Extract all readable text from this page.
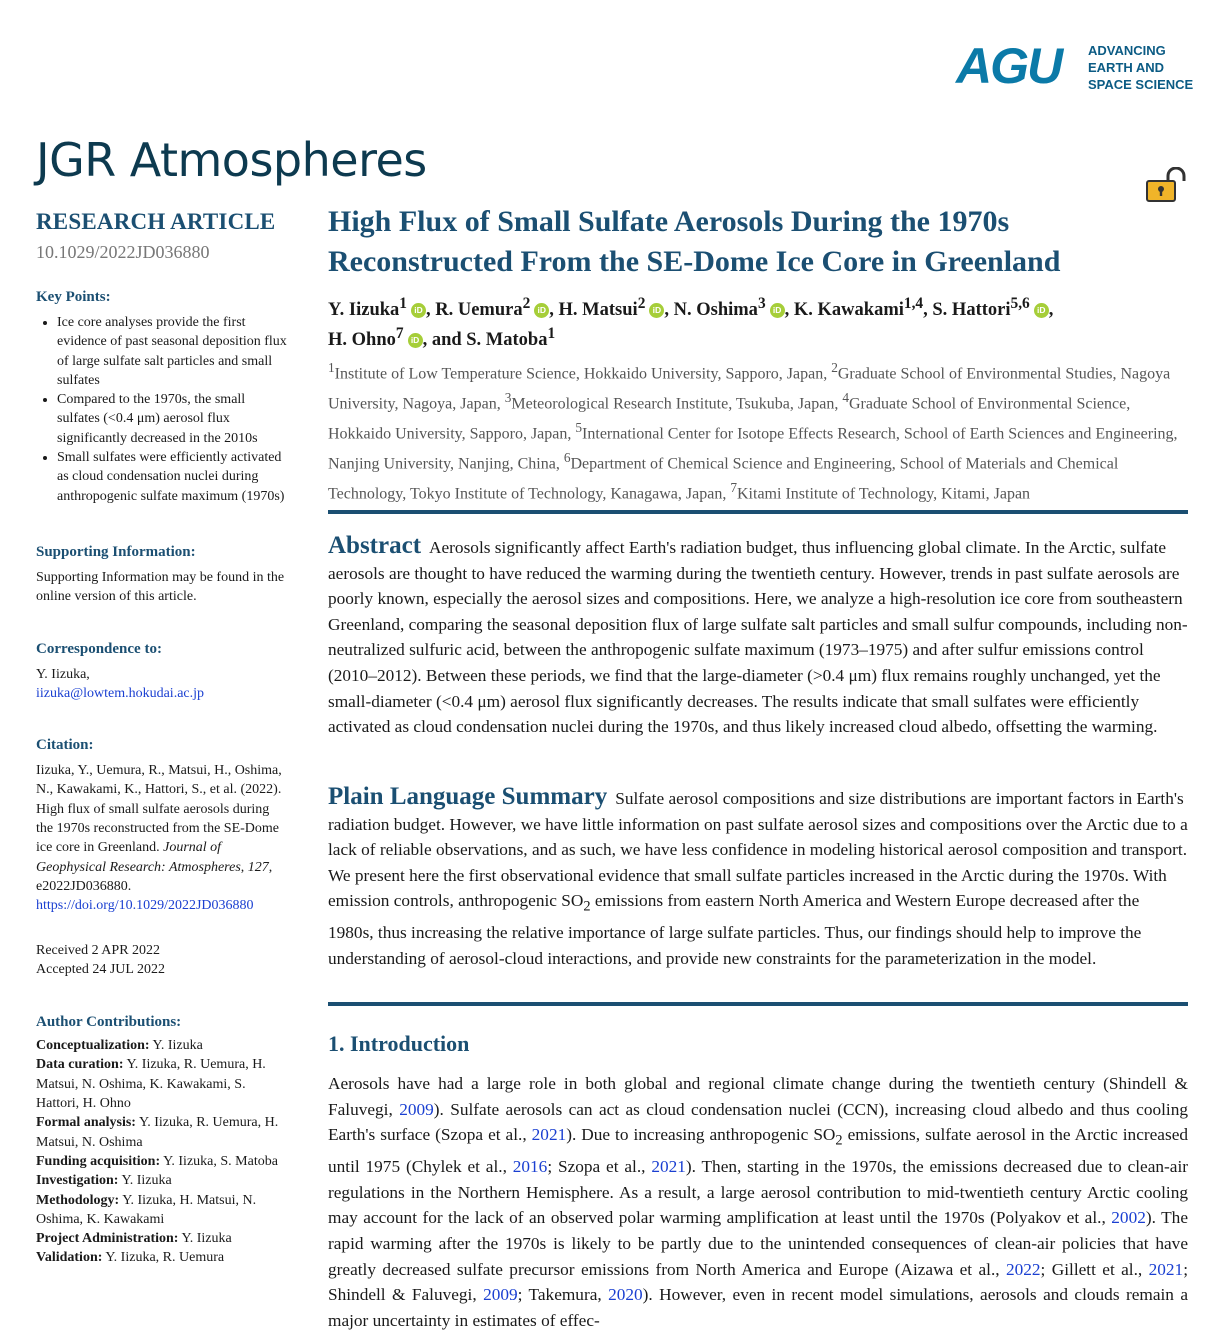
AGU ADVANCING
EARTH AND
SPACE SCIENCE
JGR Atmospheres
RESEARCH ARTICLE
10.1029/2022JD036880
Key Points:
• Ice core analyses provide the first evidence of past seasonal deposition flux of large sulfate salt particles and small sulfates
• Compared to the 1970s, the small sulfates (<0.4 μm) aerosol flux significantly decreased in the 2010s
• Small sulfates were efficiently activated as cloud condensation nuclei during anthropogenic sulfate maximum (1970s)
Supporting Information:
Supporting Information may be found in the online version of this article.
Correspondence to:
Y. Iizuka,
iizuka@lowtem.hokudai.ac.jp
Citation:
Iizuka, Y., Uemura, R., Matsui, H., Oshima, N., Kawakami, K., Hattori, S., et al. (2022). High flux of small sulfate aerosols during the 1970s reconstructed from the SE-Dome ice core in Greenland. Journal of Geophysical Research: Atmospheres, 127, e2022JD036880.
https://doi.org/10.1029/2022JD036880
Received 2 APR 2022
Accepted 24 JUL 2022
Author Contributions:
Conceptualization: Y. Iizuka
Data curation: Y. Iizuka, R. Uemura, H. Matsui, N. Oshima, K. Kawakami, S. Hattori, H. Ohno
Formal analysis: Y. Iizuka, R. Uemura, H. Matsui, N. Oshima
Funding acquisition: Y. Iizuka, S. Matoba
Investigation: Y. Iizuka
Methodology: Y. Iizuka, H. Matsui, N. Oshima, K. Kawakami
Project Administration: Y. Iizuka
Validation: Y. Iizuka, R. Uemura
High Flux of Small Sulfate Aerosols During the 1970s Reconstructed From the SE-Dome Ice Core in Greenland
Y. Iizuka$^1$ iD , R. Uemura$^2$ iD , H. Matsui$^2$ iD , N. Oshima$^3$ iD , K. Kawakami$^{1,4}$, S. Hattori$^{5,6}$ iD ,
H. Ohno$^7$ iD , and S. Matoba$^1$
$^1$Institute of Low Temperature Science, Hokkaido University, Sapporo, Japan, $^2$Graduate School of Environmental Studies, Nagoya University, Nagoya, Japan, $^3$Meteorological Research Institute, Tsukuba, Japan, $^4$Graduate School of Environmental Science, Hokkaido University, Sapporo, Japan, $^5$International Center for Isotope Effects Research, School of Earth Sciences and Engineering, Nanjing University, Nanjing, China, $^6$Department of Chemical Science and Engineering, School of Materials and Chemical Technology, Tokyo Institute of Technology, Kanagawa, Japan, $^7$Kitami Institute of Technology, Kitami, Japan
Abstract Aerosols significantly affect Earth's radiation budget, thus influencing global climate. In the Arctic, sulfate aerosols are thought to have reduced the warming during the twentieth century. However, trends in past sulfate aerosols are poorly known, especially the aerosol sizes and compositions. Here, we analyze a high-resolution ice core from southeastern Greenland, comparing the seasonal deposition flux of large sulfate salt particles and small sulfur compounds, including non-neutralized sulfuric acid, between the anthropogenic sulfate maximum (1973–1975) and after sulfur emissions control (2010–2012). Between these periods, we find that the large-diameter (>0.4 μm) flux remains roughly unchanged, yet the small-diameter (<0.4 μm) aerosol flux significantly decreases. The results indicate that small sulfates were efficiently activated as cloud condensation nuclei during the 1970s, and thus likely increased cloud albedo, offsetting the warming.
Plain Language Summary Sulfate aerosol compositions and size distributions are important factors in Earth's radiation budget. However, we have little information on past sulfate aerosol sizes and compositions over the Arctic due to a lack of reliable observations, and as such, we have less confidence in modeling historical aerosol composition and transport. We present here the first observational evidence that small sulfate particles increased in the Arctic during the 1970s. With emission controls, anthropogenic $SO_2$ emissions from eastern North America and Western Europe decreased after the 1980s, thus increasing the relative importance of large sulfate particles. Thus, our findings should help to improve the understanding of aerosol-cloud interactions, and provide new constraints for the parameterization in the model.
1. Introduction

Aerosols have had a large role in both global and regional climate change during the twentieth century (Shindell & Faluvegi, 2009). Sulfate aerosols can act as cloud condensation nuclei (CCN), increasing cloud albedo and thus cooling Earth's surface (Szopa et al., 2021). Due to increasing anthropogenic $SO_2$ emissions, sulfate aerosol in the Arctic increased until 1975 (Chylek et al., 2016; Szopa et al., 2021). Then, starting in the 1970s, the emissions decreased due to clean-air regulations in the Northern Hemisphere. As a result, a large aerosol contribution to mid-twentieth century Arctic cooling may account for the lack of an observed polar warming amplification at least until the 1970s (Polyakov et al., 2002). The rapid warming after the 1970s is likely to be partly due to the unintended consequences of clean-air policies that have greatly decreased sulfate precursor emissions from North America and Europe (Aizawa et al., 2022; Gillett et al., 2021; Shindell & Faluvegi, 2009; Takemura, 2020). However, even in recent model simulations, aerosols and clouds remain a major uncertainty in estimates of effec-
